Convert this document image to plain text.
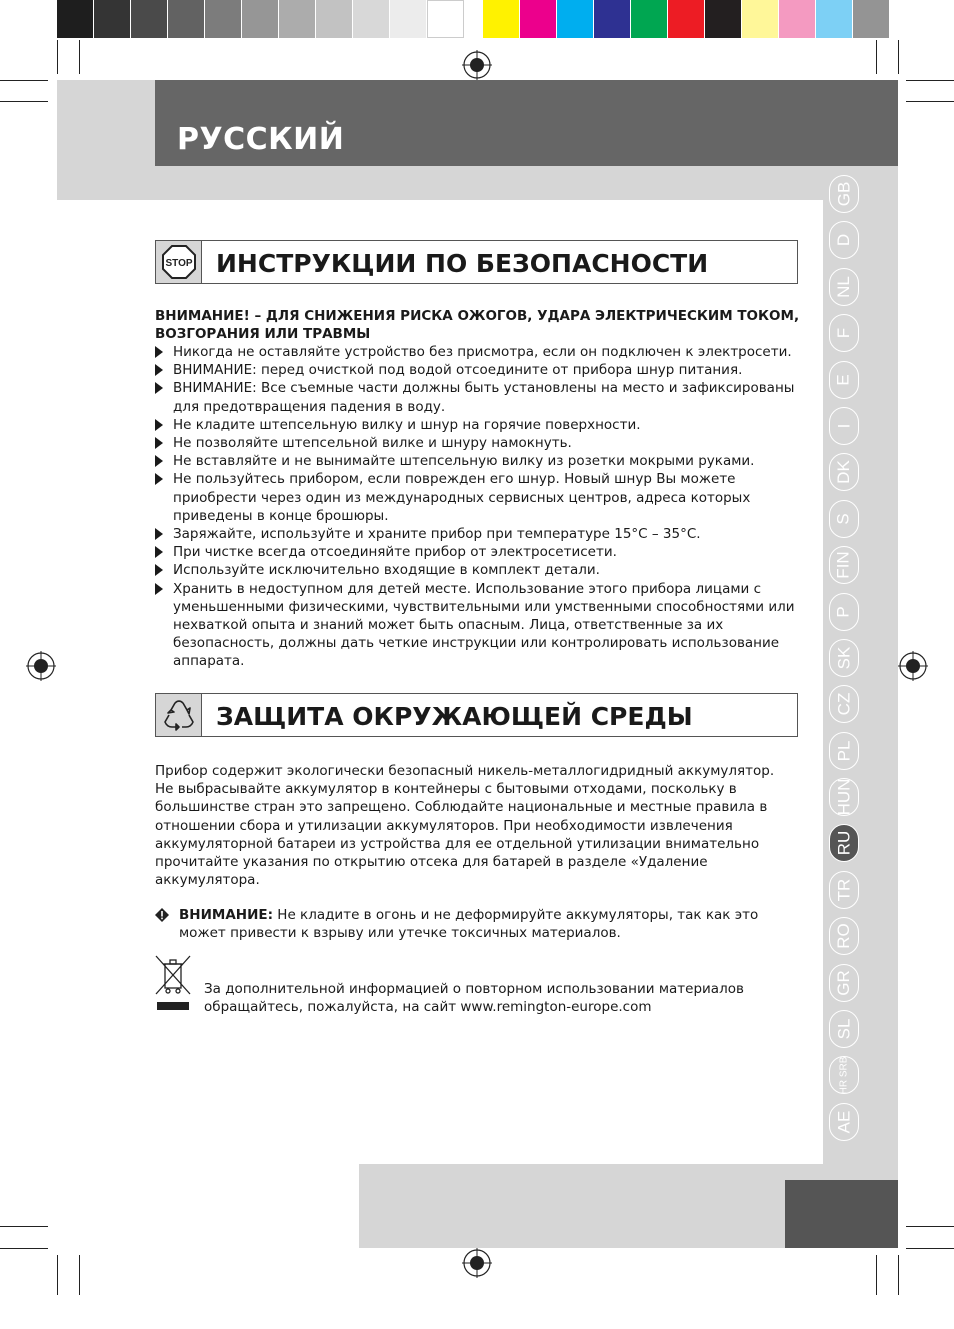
РУССКИЙ
GB
D
NL
F
E
I
DK
S
FIN
P
SK
CZ
PL
HUN
RU
TR
RO
GR
SL
HR SRB
AE
STOP ИНСТРУКЦИИ ПО БЕЗОПАСНОСТИ
ВНИМАНИЕ! – ДЛЯ СНИЖЕНИЯ РИСКА ОЖОГОВ, УДАРА ЭЛЕКТРИЧЕСКИМ ТОКОМ, ВОЗГОРАНИЯ ИЛИ ТРАВМЫ
Никогда не оставляйте устройство без присмотра, если он подключен к электросети.
ВНИМАНИЕ: перед очисткой под водой отсоедините от прибора шнур питания.
ВНИМАНИЕ: Все съемные части должны быть установлены на место и зафиксированы для предотвращения падения в воду.
Не кладите штепсельную вилку и шнур на горячие поверхности.
Не позволяйте штепсельной вилке и шнуру намокнуть.
Не вставляйте и не вынимайте штепсельную вилку из розетки мокрыми руками.
Не пользуйтесь прибором, если поврежден его шнур. Новый шнур Вы можете приобрести через один из международных сервисных центров, адреса которых приведены в конце брошюры.
Заряжайте, используйте и храните прибор при температуре 15°C – 35°C.
При чистке всегда отсоединяйте прибор от электросетисети.
Используйте исключительно входящие в комплект детали.
Хранить в недоступном для детей месте. Использование этого прибора лицами с уменьшенными физическими, чувствительными или умственными способностями или нехваткой опыта и знаний может быть опасным. Лица, ответственные за их безопасность, должны дать четкие инструкции или контролировать использование аппарата.
ЗАЩИТА ОКРУЖАЮЩЕЙ СРЕДЫ
Прибор содержит экологически безопасный никель-металлогидридный аккумулятор. Не выбрасывайте аккумулятор в контейнеры с бытовыми отходами, поскольку в большинстве стран это запрещено. Соблюдайте национальные и местные правила в отношении сбора и утилизации аккумуляторов. При необходимости извлечения аккумуляторной батареи из устройства для ее отдельной утилизации внимательно прочитайте указания по открытию отсека для батарей в разделе «Удаление аккумулятора.
ВНИМАНИЕ: Не кладите в огонь и не деформируйте аккумуляторы, так как это может привести к взрыву или утечке токсичных материалов.
За дополнительной информацией о повторном использовании материалов обращайтесь, пожалуйста, на сайт www.remington-europe.com
